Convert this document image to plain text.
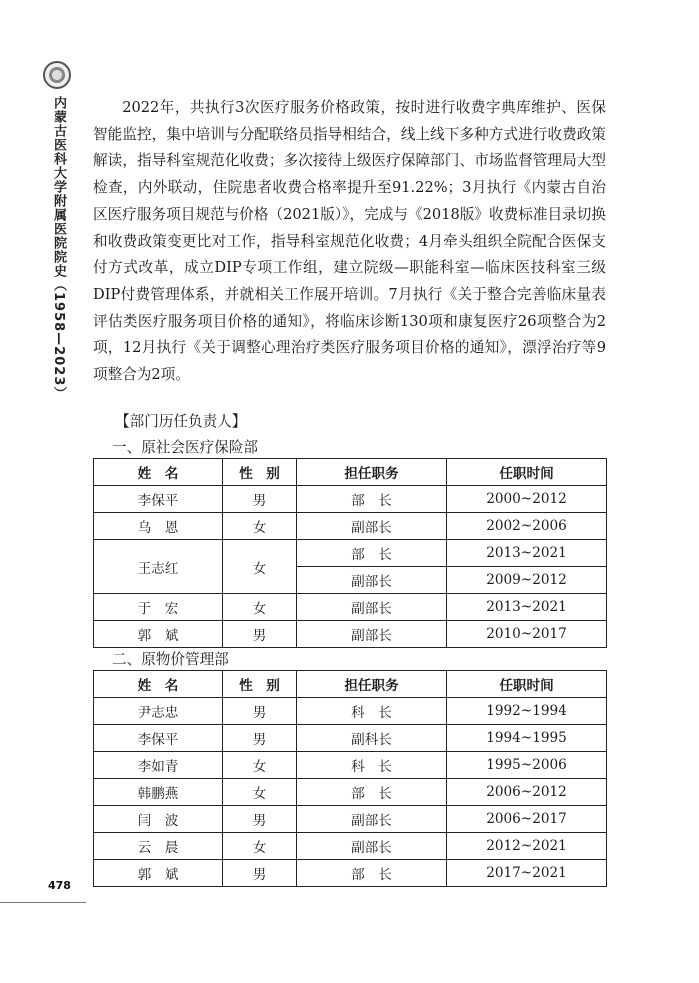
内蒙古医科大学附属医院院史（1958—2023）
478

2022年，共执行3次医疗服务价格政策，按时进行收费字典库维护、医保智能监控，集中培训与分配联络员指导相结合，线上线下多种方式进行收费政策解读，指导科室规范化收费；多次接待上级医疗保障部门、市场监督管理局大型检查，内外联动，住院患者收费合格率提升至91.22%；3月执行《内蒙古自治区医疗服务项目规范与价格（2021版）》，完成与《2018版》收费标准目录切换和收费政策变更比对工作，指导科室规范化收费；4月牵头组织全院配合医保支付方式改革，成立DIP专项工作组，建立院级—职能科室—临床医技科室三级DIP付费管理体系，并就相关工作展开培训。7月执行《关于整合完善临床量表评估类医疗服务项目价格的通知》，将临床诊断130项和康复医疗26项整合为2项，12月执行《关于调整心理治疗类医疗服务项目价格的通知》，漂浮治疗等9项整合为2项。

【部门历任负责人】
一、原社会医疗保险部
姓　名	性　别	担任职务	任职时间
李保平	男	部　长	2000~2012
乌　恩	女	副部长	2002~2006
王志红	女	部　长	2013~2021
		副部长	2009~2012
于　宏	女	副部长	2013~2021
郭　斌	男	副部长	2010~2017
二、原物价管理部
姓　名	性　别	担任职务	任职时间
尹志忠	男	科　长	1992~1994
李保平	男	副科长	1994~1995
李如青	女	科　长	1995~2006
韩鹏燕	女	部　长	2006~2012
闫　波	男	副部长	2006~2017
云　晨	女	副部长	2012~2021
郭　斌	男	部　长	2017~2021
